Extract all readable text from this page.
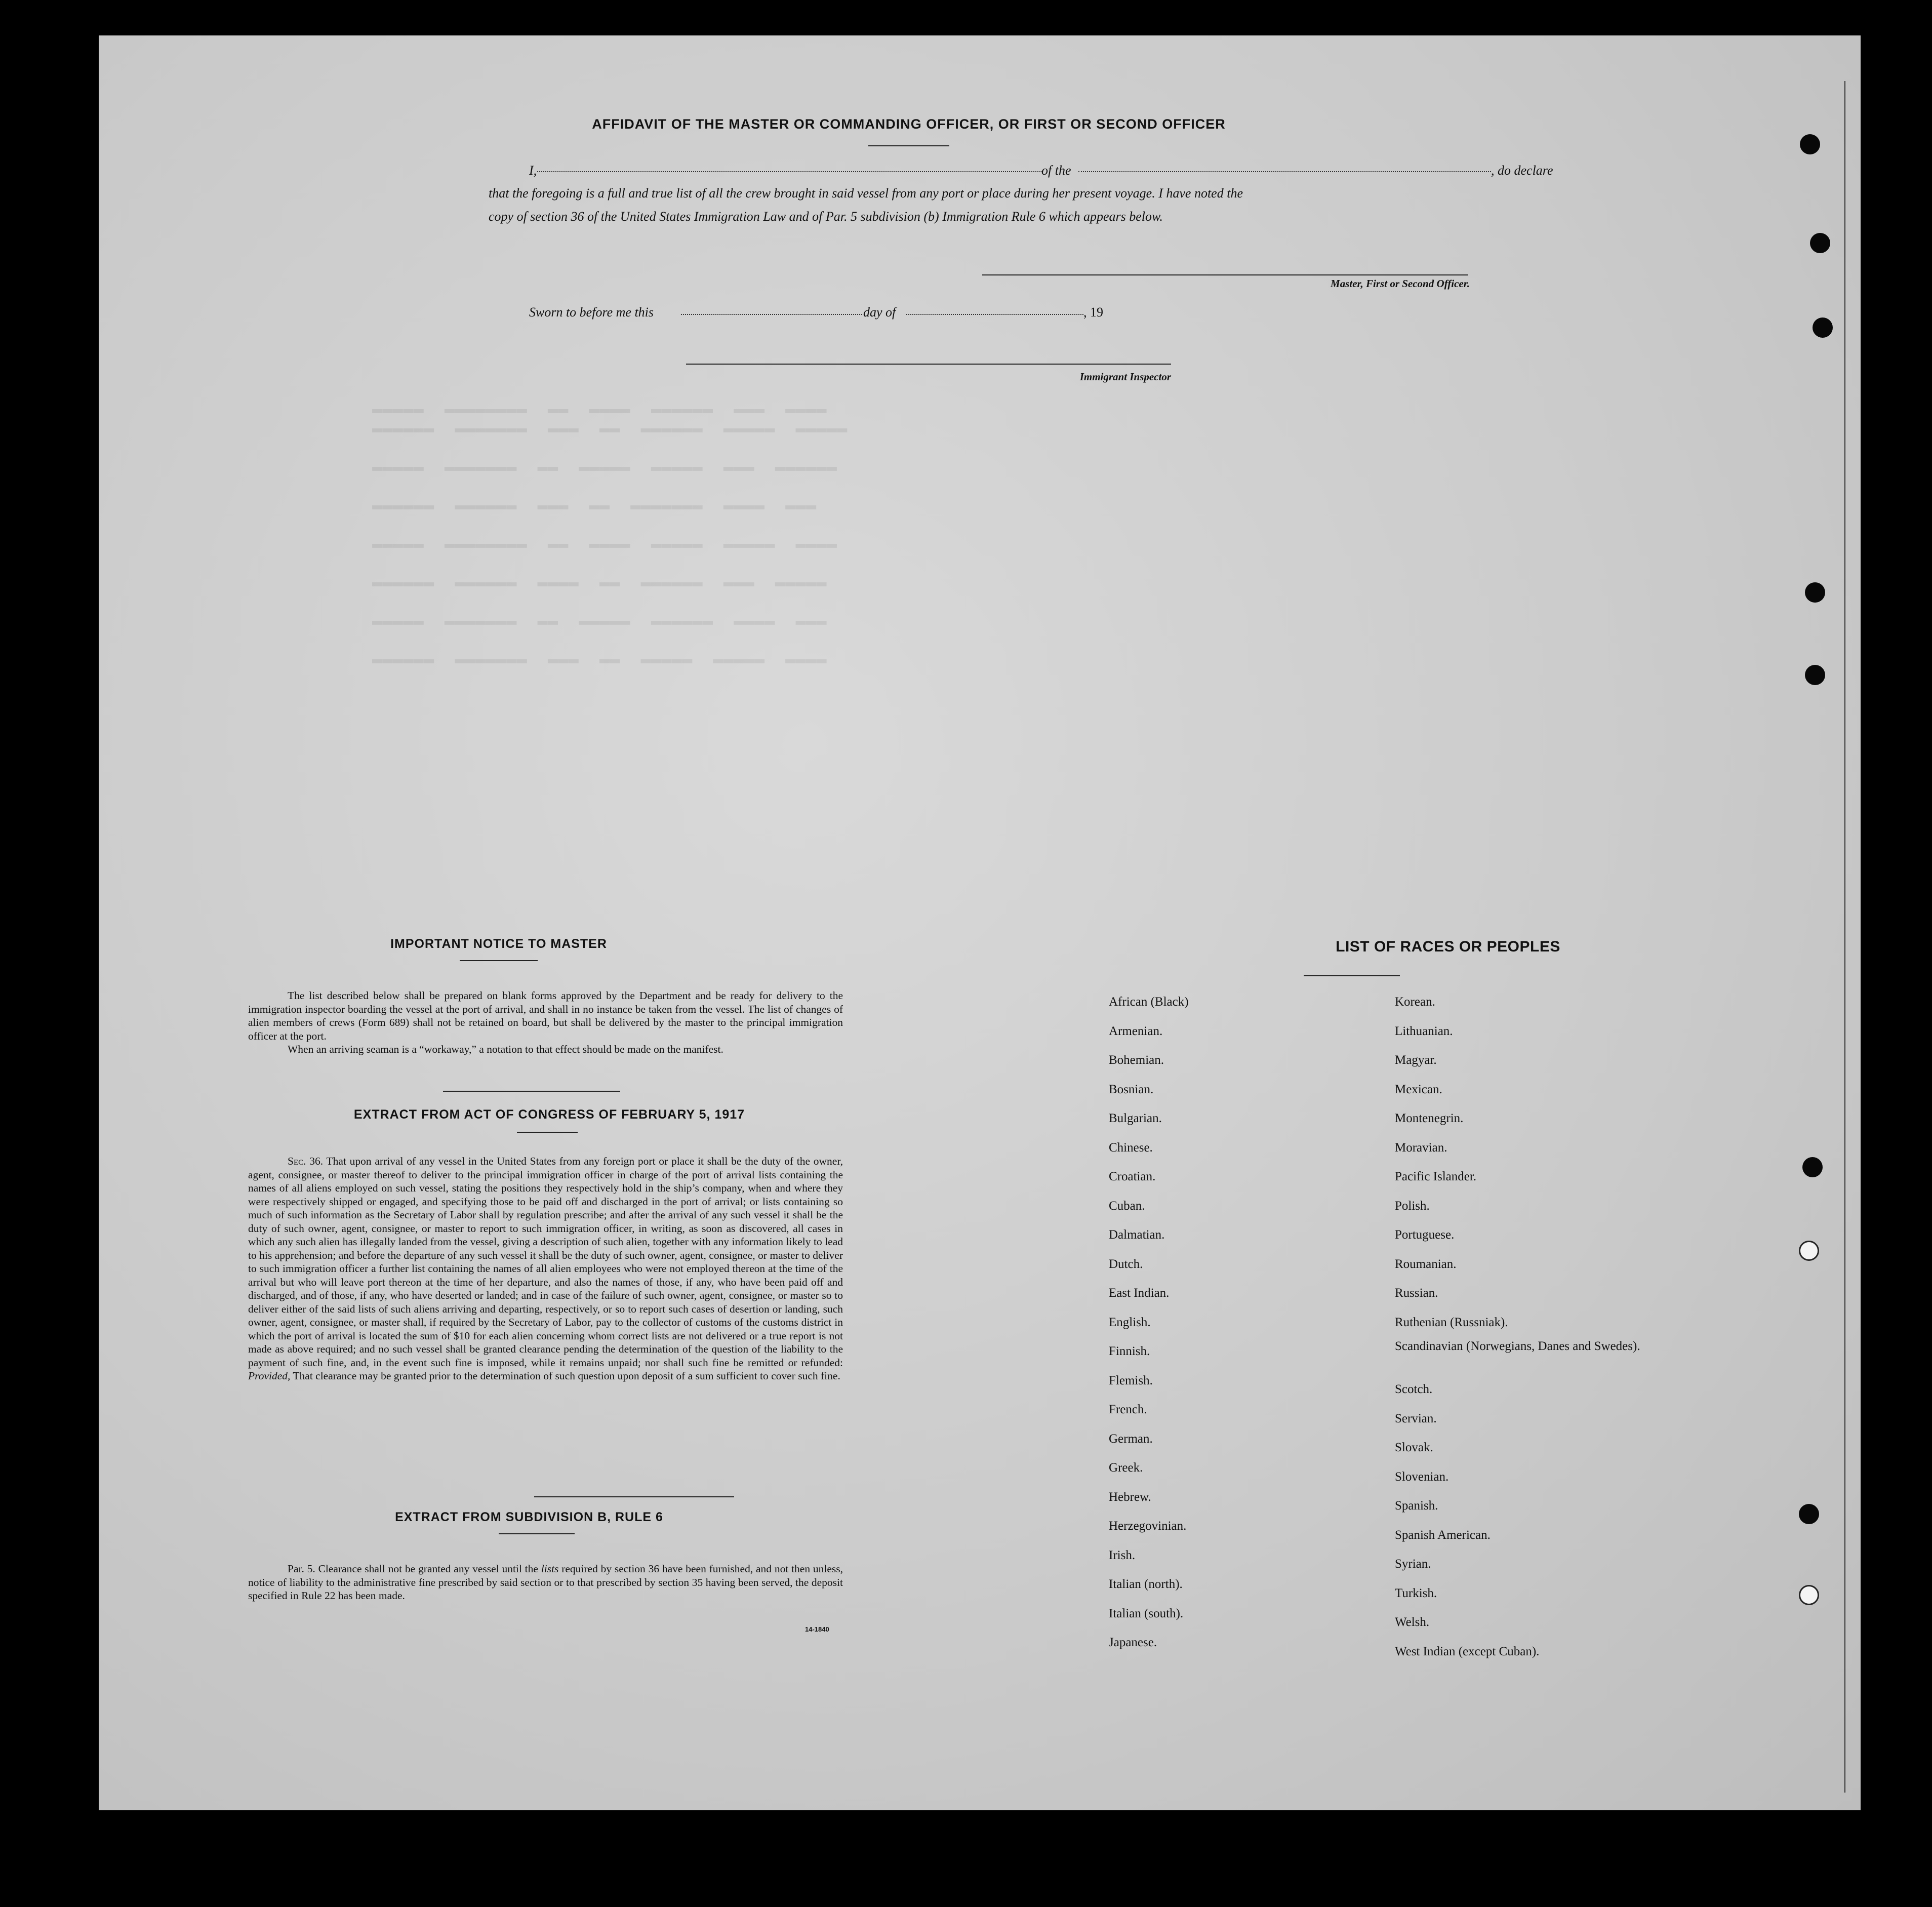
▬▬▬▬▬  ▬▬▬▬▬▬▬▬  ▬▬  ▬▬▬▬  ▬▬▬▬▬▬  ▬▬▬  ▬▬▬▬
▬▬▬▬▬▬  ▬▬▬▬▬▬▬  ▬▬▬  ▬▬  ▬▬▬▬▬▬  ▬▬▬▬▬  ▬▬▬▬▬

▬▬▬▬▬  ▬▬▬▬▬▬▬  ▬▬  ▬▬▬▬▬  ▬▬▬▬▬  ▬▬▬  ▬▬▬▬▬▬

▬▬▬▬▬▬  ▬▬▬▬▬▬  ▬▬▬  ▬▬  ▬▬▬▬▬▬▬  ▬▬▬▬  ▬▬▬

▬▬▬▬▬  ▬▬▬▬▬▬▬▬  ▬▬  ▬▬▬▬  ▬▬▬▬▬  ▬▬▬▬▬  ▬▬▬▬

▬▬▬▬▬▬  ▬▬▬▬▬▬  ▬▬▬▬  ▬▬  ▬▬▬▬▬▬  ▬▬▬  ▬▬▬▬▬

▬▬▬▬▬  ▬▬▬▬▬▬▬  ▬▬  ▬▬▬▬▬  ▬▬▬▬▬▬  ▬▬▬▬  ▬▬▬

▬▬▬▬▬▬  ▬▬▬▬▬▬▬  ▬▬▬  ▬▬  ▬▬▬▬▬  ▬▬▬▬▬  ▬▬▬▬
AFFIDAVIT OF THE MASTER OR COMMANDING OFFICER, OR FIRST OR SECOND OFFICER
I,	of the	, do declare
that the foregoing is a full and true list of all the crew brought in said vessel from any port or place during her present voyage. I have noted the
copy of section 36 of the United States Immigration Law and of Par. 5 subdivision (b) Immigration Rule 6 which appears below.
Master, First or Second Officer.
Sworn to before me this	day of	, 19
Immigrant Inspector
IMPORTANT NOTICE TO MASTER
The list described below shall be prepared on blank forms approved by the Department and be ready for delivery to the immigration inspector boarding the vessel at the port of arrival, and shall in no instance be taken from the vessel. The list of changes of alien members of crews (Form 689) shall not be retained on board, but shall be delivered by the master to the principal immigration officer at the port.
When an arriving seaman is a “workaway,” a notation to that effect should be made on the manifest.
EXTRACT FROM ACT OF CONGRESS OF FEBRUARY 5, 1917
Sec. 36. That upon arrival of any vessel in the United States from any foreign port or place it shall be the duty of the owner, agent, consignee, or master thereof to deliver to the principal immigration officer in charge of the port of arrival lists containing the names of all aliens employed on such vessel, stating the positions they respectively hold in the ship’s company, when and where they were respectively shipped or engaged, and specifying those to be paid off and discharged in the port of arrival; or lists containing so much of such information as the Secretary of Labor shall by regulation prescribe; and after the arrival of any such vessel it shall be the duty of such owner, agent, consignee, or master to report to such immigration officer, in writing, as soon as discovered, all cases in which any such alien has illegally landed from the vessel, giving a description of such alien, together with any information likely to lead to his apprehension; and before the departure of any such vessel it shall be the duty of such owner, agent, consignee, or master to deliver to such immigration officer a further list containing the names of all alien employees who were not employed thereon at the time of the arrival but who will leave port thereon at the time of her departure, and also the names of those, if any, who have been paid off and discharged, and of those, if any, who have deserted or landed; and in case of the failure of such owner, agent, consignee, or master so to deliver either of the said lists of such aliens arriving and departing, respectively, or so to report such cases of desertion or landing, such owner, agent, consignee, or master shall, if required by the Secretary of Labor, pay to the collector of customs of the customs district in which the port of arrival is located the sum of $10 for each alien concerning whom correct lists are not delivered or a true report is not made as above required; and no such vessel shall be granted clearance pending the determination of the question of the liability to the payment of such fine, and, in the event such fine is imposed, while it remains unpaid; nor shall such fine be remitted or refunded: Provided, That clearance may be granted prior to the determination of such question upon deposit of a sum sufficient to cover such fine.
EXTRACT FROM SUBDIVISION B, RULE 6
Par. 5. Clearance shall not be granted any vessel until the lists required by section 36 have been furnished, and not then unless, notice of liability to the administrative fine prescribed by said section or to that prescribed by section 35 having been served, the deposit specified in Rule 22 has been made.
14-1840
LIST OF RACES OR PEOPLES
African (Black)
Armenian.
Bohemian.
Bosnian.
Bulgarian.
Chinese.
Croatian.
Cuban.
Dalmatian.
Dutch.
East Indian.
English.
Finnish.
Flemish.
French.
German.
Greek.
Hebrew.
Herzegovinian.
Irish.
Italian (north).
Italian (south).
Japanese.
Korean.
Lithuanian.
Magyar.
Mexican.
Montenegrin.
Moravian.
Pacific Islander.
Polish.
Portuguese.
Roumanian.
Russian.
Ruthenian (Russniak).
Scandinavian (Norwegians, Danes and Swedes).
Scotch.
Servian.
Slovak.
Slovenian.
Spanish.
Spanish American.
Syrian.
Turkish.
Welsh.
West Indian (except Cuban).
